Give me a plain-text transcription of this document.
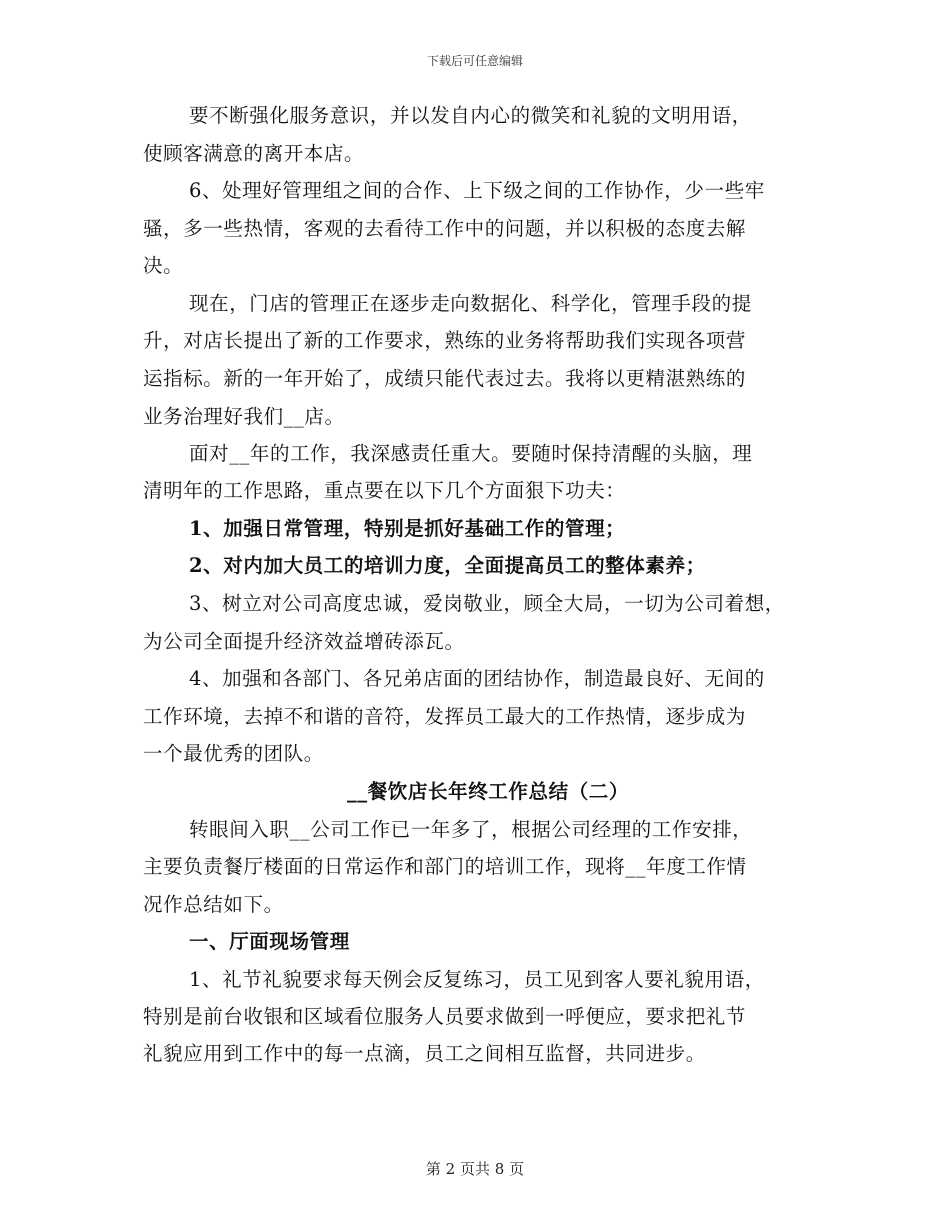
下载后可任意编辑
要不断强化服务意识，并以发自内心的微笑和礼貌的文明用语，
使顾客满意的离开本店。
6、处理好管理组之间的合作、上下级之间的工作协作，少一些牢
骚，多一些热情，客观的去看待工作中的问题，并以积极的态度去解
决。
现在，门店的管理正在逐步走向数据化、科学化，管理手段的提
升，对店长提出了新的工作要求，熟练的业务将帮助我们实现各项营
运指标。新的一年开始了，成绩只能代表过去。我将以更精湛熟练的
业务治理好我们__店。
面对__年的工作，我深感责任重大。要随时保持清醒的头脑，理
清明年的工作思路，重点要在以下几个方面狠下功夫：
1、加强日常管理，特别是抓好基础工作的管理；
2、对内加大员工的培训力度，全面提高员工的整体素养；
3、树立对公司高度忠诚，爱岗敬业，顾全大局，一切为公司着想，
为公司全面提升经济效益增砖添瓦。
4、加强和各部门、各兄弟店面的团结协作，制造最良好、无间的
工作环境，去掉不和谐的音符，发挥员工最大的工作热情，逐步成为
一个最优秀的团队。
__餐饮店长年终工作总结（二）
转眼间入职__公司工作已一年多了，根据公司经理的工作安排，
主要负责餐厅楼面的日常运作和部门的培训工作，现将__年度工作情
况作总结如下。
一、厅面现场管理
1、礼节礼貌要求每天例会反复练习，员工见到客人要礼貌用语，
特别是前台收银和区域看位服务人员要求做到一呼便应，要求把礼节
礼貌应用到工作中的每一点滴，员工之间相互监督，共同进步。
第 2 页共 8 页
